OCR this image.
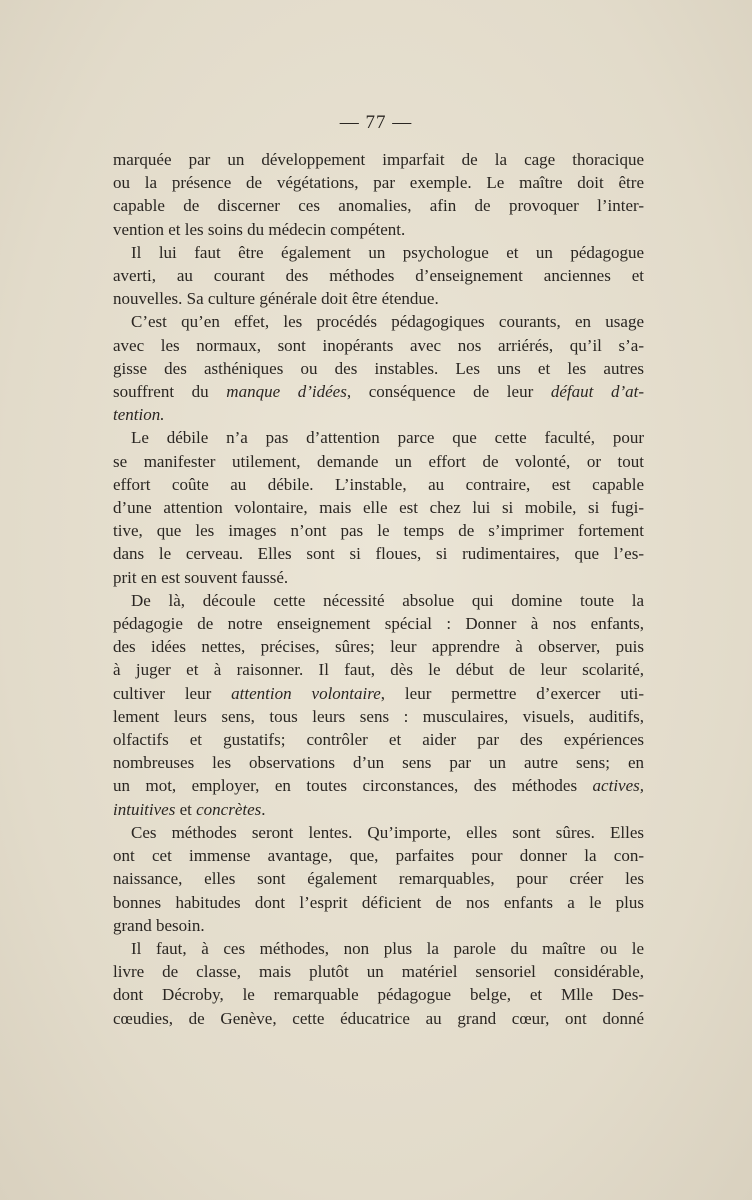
— 77 —

marquée par un développement imparfait de la cage thoracique
ou la présence de végétations, par exemple. Le maître doit être
capable de discerner ces anomalies, afin de provoquer l’inter-
vention et les soins du médecin compétent.

Il lui faut être également un psychologue et un pédagogue
averti, au courant des méthodes d’enseignement anciennes et
nouvelles. Sa culture générale doit être étendue.

C’est qu’en effet, les procédés pédagogiques courants, en usage
avec les normaux, sont inopérants avec nos arriérés, qu’il s’a-
gisse des asthéniques ou des instables. Les uns et les autres
souffrent du manque d’idées, conséquence de leur défaut d’at-
tention.

Le débile n’a pas d’attention parce que cette faculté, pour
se manifester utilement, demande un effort de volonté, or tout
effort coûte au débile. L’instable, au contraire, est capable
d’une attention volontaire, mais elle est chez lui si mobile, si fugi-
tive, que les images n’ont pas le temps de s’imprimer fortement
dans le cerveau. Elles sont si floues, si rudimentaires, que l’es-
prit en est souvent faussé.

De là, découle cette nécessité absolue qui domine toute la
pédagogie de notre enseignement spécial : Donner à nos enfants,
des idées nettes, précises, sûres; leur apprendre à observer, puis
à juger et à raisonner. Il faut, dès le début de leur scolarité,
cultiver leur attention volontaire, leur permettre d’exercer uti-
lement leurs sens, tous leurs sens : musculaires, visuels, auditifs,
olfactifs et gustatifs; contrôler et aider par des expériences
nombreuses les observations d’un sens par un autre sens; en
un mot, employer, en toutes circonstances, des méthodes actives,
intuitives et concrètes.

Ces méthodes seront lentes. Qu’importe, elles sont sûres. Elles
ont cet immense avantage, que, parfaites pour donner la con-
naissance, elles sont également remarquables, pour créer les
bonnes habitudes dont l’esprit déficient de nos enfants a le plus
grand besoin.

Il faut, à ces méthodes, non plus la parole du maître ou le
livre de classe, mais plutôt un matériel sensoriel considérable,
dont Décroby, le remarquable pédagogue belge, et Mlle Des-
cœudies, de Genève, cette éducatrice au grand cœur, ont donné
